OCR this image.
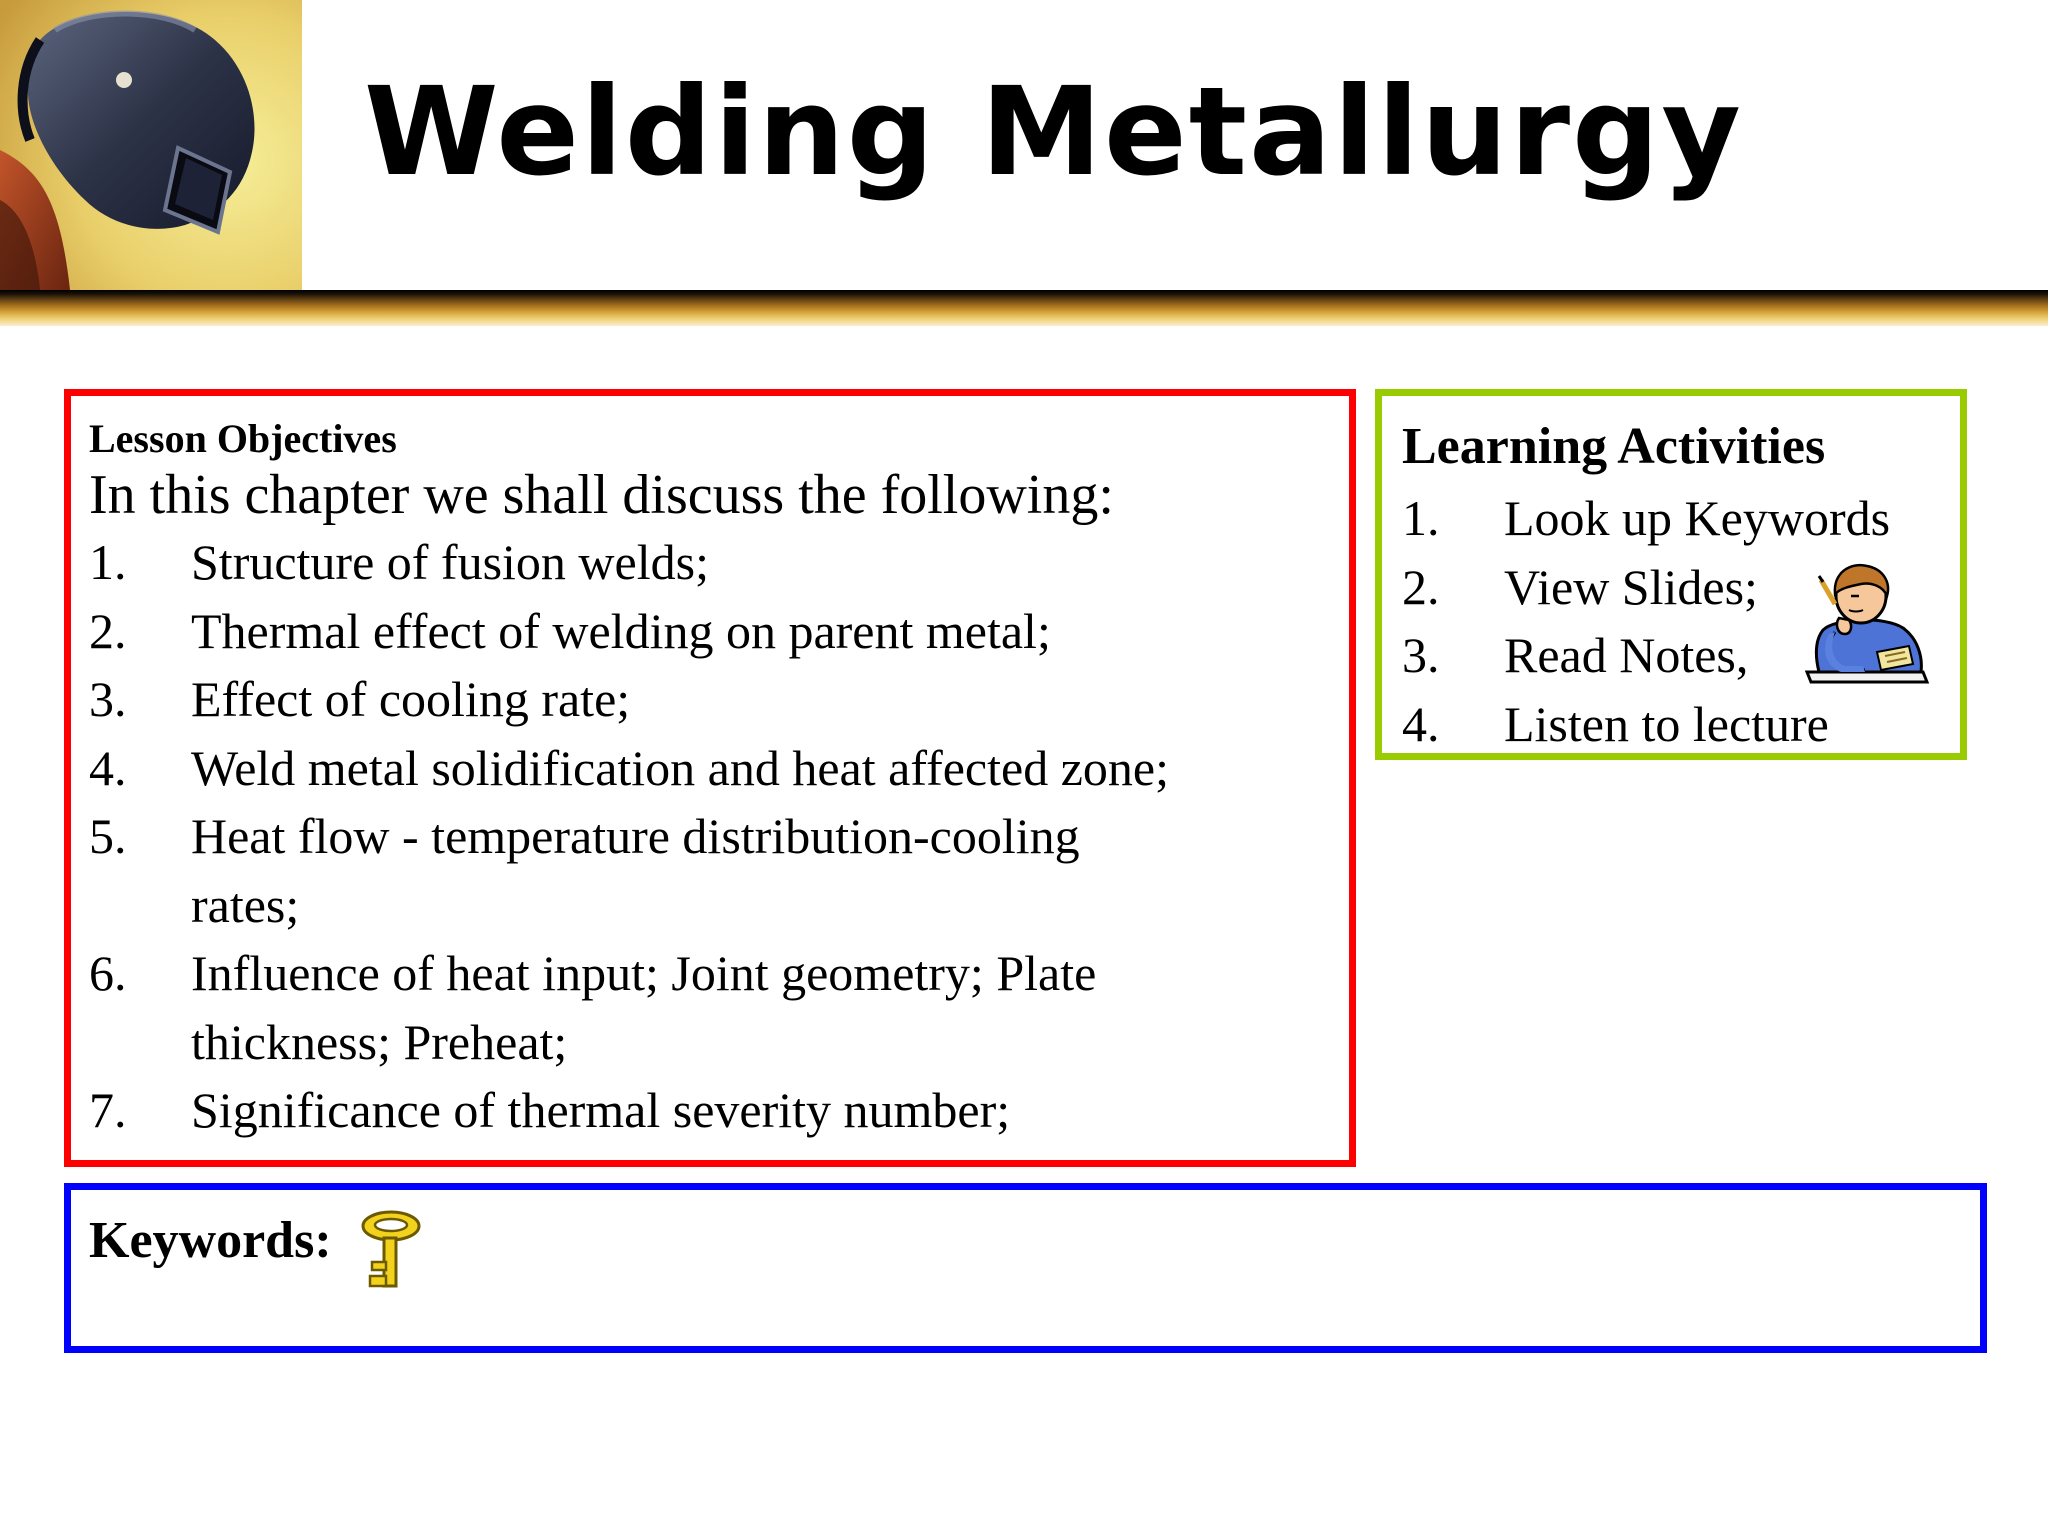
Welding Metallurgy

Lesson Objectives

In this chapter we shall discuss the following:

1.	Structure of fusion welds;
2.	Thermal effect of welding on parent metal;
3.	Effect of cooling rate;
4.	Weld metal solidification and heat affected zone;
5.	Heat flow - temperature distribution-cooling rates;
6.	Influence of heat input; Joint geometry; Plate thickness; Preheat;
7.	Significance of thermal severity number;

Learning Activities

1.	Look up Keywords
2.	View Slides;
3.	Read Notes,
4.	Listen to lecture
Keywords:
